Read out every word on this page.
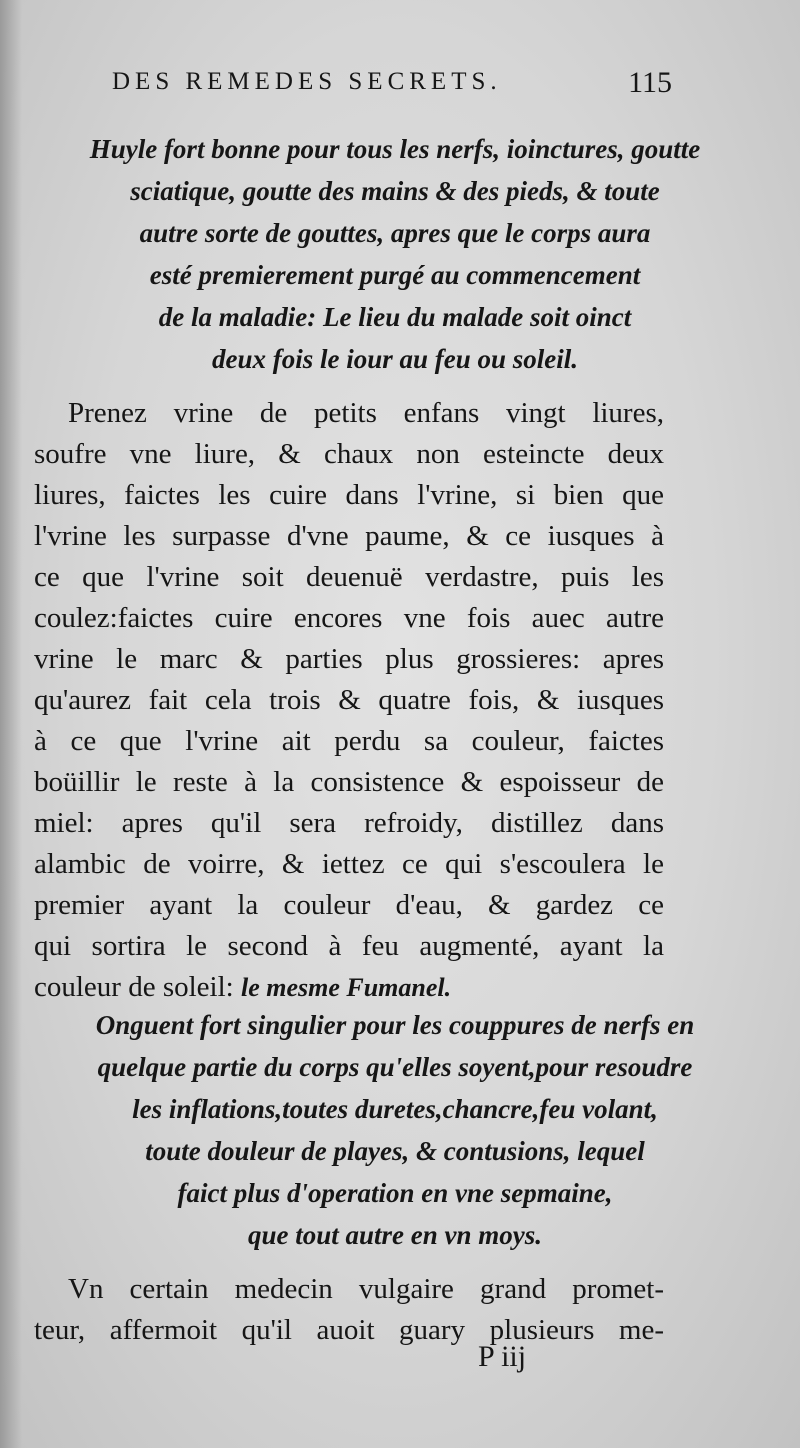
DES REMEDES SECRETS.	115
Huyle fort bonne pour tous les nerfs, ioinctures, goutte
sciatique, goutte des mains & des pieds, & toute
autre sorte de gouttes, apres que le corps aura
esté premierement purgé au commencement
de la maladie: Le lieu du malade soit oinct
deux fois le iour au feu ou soleil.
Prenez vrine de petits enfans vingt liures,
soufre vne liure, & chaux non esteincte deux
liures, faictes les cuire dans l'vrine, si bien que
l'vrine les surpasse d'vne paume, & ce iusques à
ce que l'vrine soit deuenuë verdastre, puis les
coulez:faictes cuire encores vne fois auec autre
vrine le marc & parties plus grossieres: apres
qu'aurez fait cela trois & quatre fois, & iusques
à ce que l'vrine ait perdu sa couleur, faictes
boüillir le reste à la consistence & espoisseur de
miel: apres qu'il sera refroidy, distillez dans
alambic de voirre, & iettez ce qui s'escoulera le
premier ayant la couleur d'eau, & gardez ce
qui sortira le second à feu augmenté, ayant la
couleur de soleil: le mesme Fumanel.
Onguent fort singulier pour les couppures de nerfs en
quelque partie du corps qu'elles soyent,pour resoudre
les inflations,toutes duretes,chancre,feu volant,
toute douleur de playes, & contusions, lequel
faict plus d'operation en vne sepmaine,
que tout autre en vn moys.
Vn certain medecin vulgaire grand promet-
teur, affermoit qu'il auoit guary plusieurs me-
P iij
